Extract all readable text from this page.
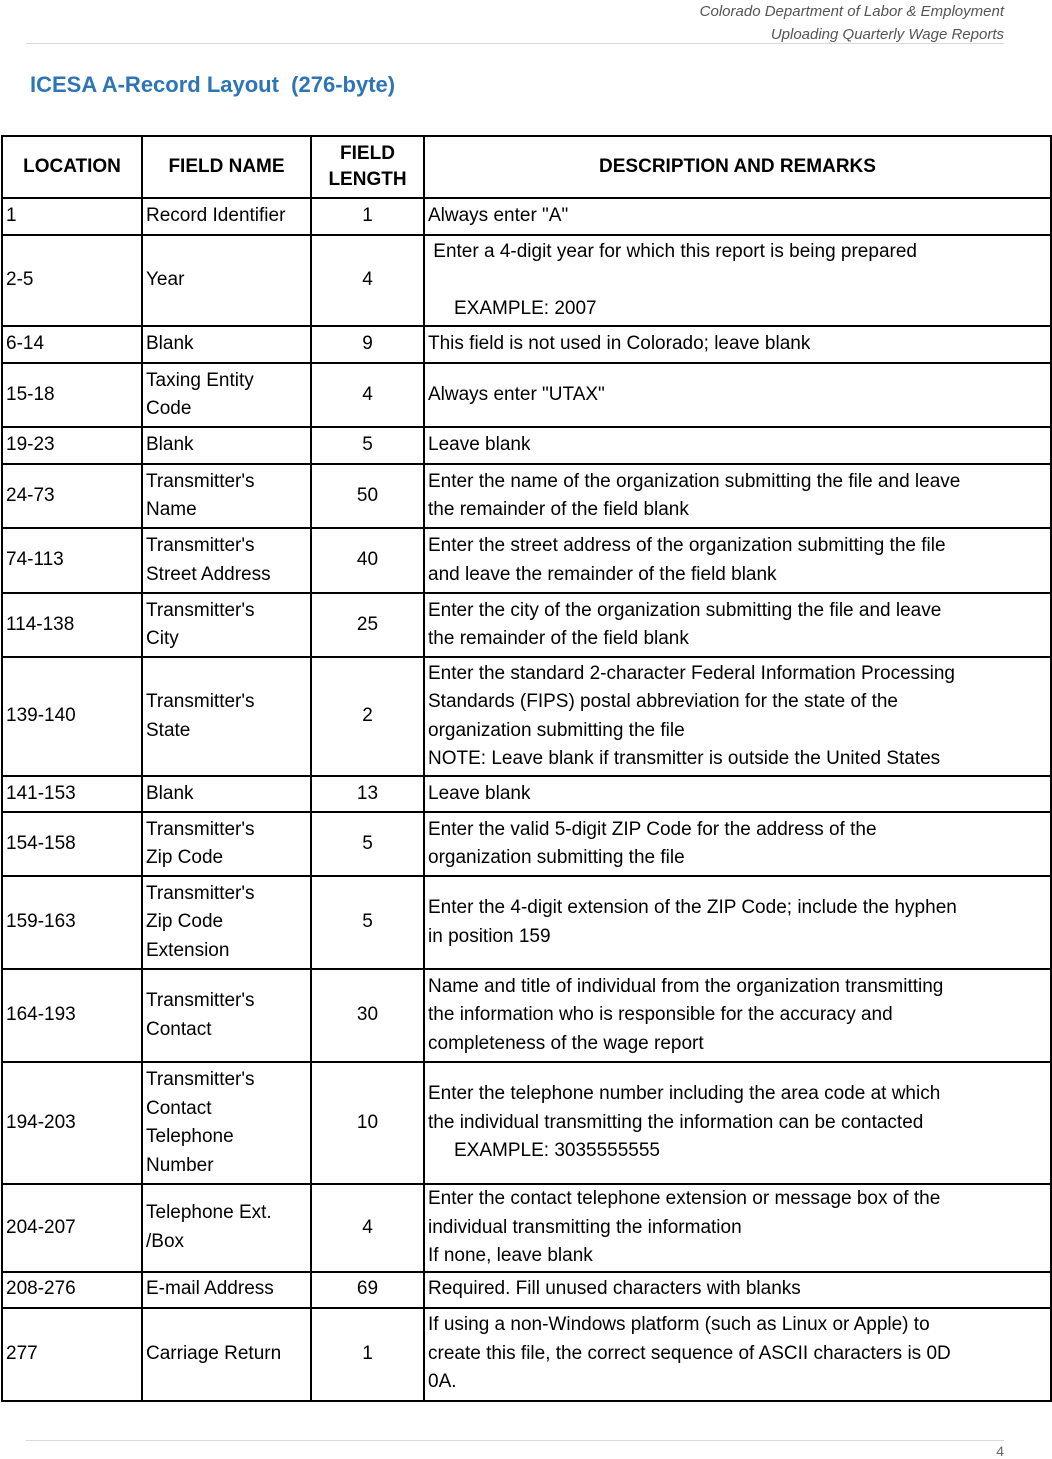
Colorado Department of Labor & Employment
Uploading Quarterly Wage Reports
ICESA A-Record Layout  (276-byte)
LOCATION	FIELD NAME	FIELD LENGTH	DESCRIPTION AND REMARKS
1	Record Identifier	1	Always enter "A"

2-5	Year	4	Enter a 4-digit year for which this report is being prepared

EXAMPLE: 2007

6-14	Blank	9	This field is not used in Colorado; leave blank

15-18	Taxing Entity
Code	4	Always enter "UTAX"

19-23	Blank	5	Leave blank

24-73	Transmitter's
Name	50	Enter the name of the organization submitting the file and leave
the remainder of the field blank

74-113	Transmitter's
Street Address	40	Enter the street address of the organization submitting the file
and leave the remainder of the field blank

114-138	Transmitter's
City	25	Enter the city of the organization submitting the file and leave
the remainder of the field blank

139-140	Transmitter's
State	2	Enter the standard 2-character Federal Information Processing
Standards (FIPS) postal abbreviation for the state of the
organization submitting the file
NOTE: Leave blank if transmitter is outside the United States

141-153	Blank	13	Leave blank

154-158	Transmitter's
Zip Code	5	Enter the valid 5-digit ZIP Code for the address of the
organization submitting the file

159-163	Transmitter's
Zip Code
Extension	5	Enter the 4-digit extension of the ZIP Code; include the hyphen
in position 159

164-193	Transmitter's
Contact	30	Name and title of individual from the organization transmitting
the information who is responsible for the accuracy and
completeness of the wage report

194-203	Transmitter's
Contact
Telephone
Number	10	Enter the telephone number including the area code at which
the individual transmitting the information can be contacted
EXAMPLE: 3035555555

204-207	Telephone Ext.
/Box	4	Enter the contact telephone extension or message box of the
individual transmitting the information
If none, leave blank

208-276	E-mail Address	69	Required. Fill unused characters with blanks

277	Carriage Return	1	If using a non-Windows platform (such as Linux or Apple) to
create this file, the correct sequence of ASCII characters is 0D
0A.
4
